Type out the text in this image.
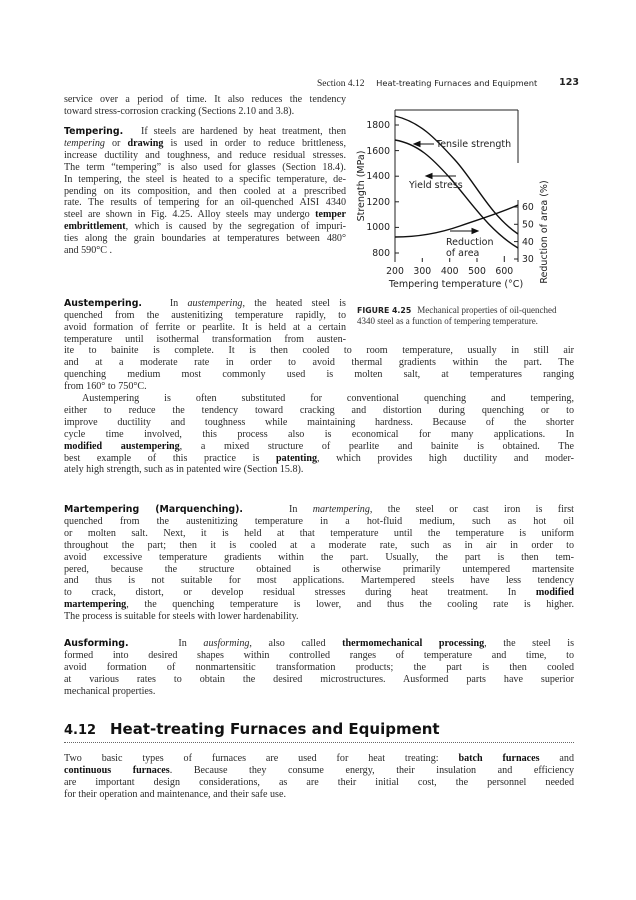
Section 4.12 Heat-treating Furnaces and Equipment 123
service over a period of time. It also reduces the tendency
toward stress-corrosion cracking (Sections 2.10 and 3.8).
Tempering. If steels are hardened by heat treatment, then
tempering or drawing is used in order to reduce brittleness,
increase ductility and toughness, and reduce residual stresses.
The term “tempering” is also used for glasses (Section 18.4).
In tempering, the steel is heated to a specific temperature, de-
pending on its composition, and then cooled at a prescribed
rate. The results of tempering for an oil-quenched AISI 4340
steel are shown in Fig. 4.25. Alloy steels may undergo temper
embrittlement, which is caused by the segregation of impuri-
ties along the grain boundaries at temperatures between 480°
and 590°C .
Austempering.	In austempering, the heated steel is
quenched from the austenitizing temperature rapidly, to
avoid formation of ferrite or pearlite. It is held at a certain
temperature until isothermal transformation from austen-
Tensile strength
Yield stress
Reduction
of area
1800
1600
1400
1200
1000
800
200 300 400 500 600
60
50
40
30
Tempering temperature (°C)
Strength (MPa)	Reduction of area (%)
FIGURE 4.25 Mechanical properties of oil-quenched
4340 steel as a function of tempering temperature.
ite to bainite is complete. It is then cooled to room temperature, usually in still air
and at a moderate rate in order to avoid thermal gradients within the part. The
quenching medium most commonly used is molten salt, at temperatures ranging
from 160° to 750°C.
Austempering is often substituted for conventional quenching and tempering,
either to reduce the tendency toward cracking and distortion during quenching or to
improve ductility and toughness while maintaining hardness. Because of the shorter
cycle time involved, this process also is economical for many applications. In
modified austempering, a mixed structure of pearlite and bainite is obtained. The
best example of this practice is patenting, which provides high ductility and moder-
ately high strength, such as in patented wire (Section 15.8).
Martempering (Marquenching).	In martempering, the steel or cast iron is first
quenched from the austenitizing temperature in a hot-fluid medium, such as hot oil
or molten salt. Next, it is held at that temperature until the temperature is uniform
throughout the part; then it is cooled at a moderate rate, such as in air in order to
avoid excessive temperature gradients within the part. Usually, the part is then tem-
pered, because the structure obtained is otherwise primarily untempered martensite
and thus is not suitable for most applications. Martempered steels have less tendency
to crack, distort, or develop residual stresses during heat treatment. In modified
martempering, the quenching temperature is lower, and thus the cooling rate is higher.
The process is suitable for steels with lower hardenability.
Ausforming.	In ausforming, also called thermomechanical processing, the steel is
formed into desired shapes within controlled ranges of temperature and time, to
avoid formation of nonmartensitic transformation products; the part is then cooled
at various rates to obtain the desired microstructures. Ausformed parts have superior
mechanical properties.
4.12 Heat-treating Furnaces and Equipment
Two basic types of furnaces are used for heat treating: batch furnaces and
continuous furnaces. Because they consume energy, their insulation and efficiency
are important design considerations, as are their initial cost, the personnel needed
for their operation and maintenance, and their safe use.
